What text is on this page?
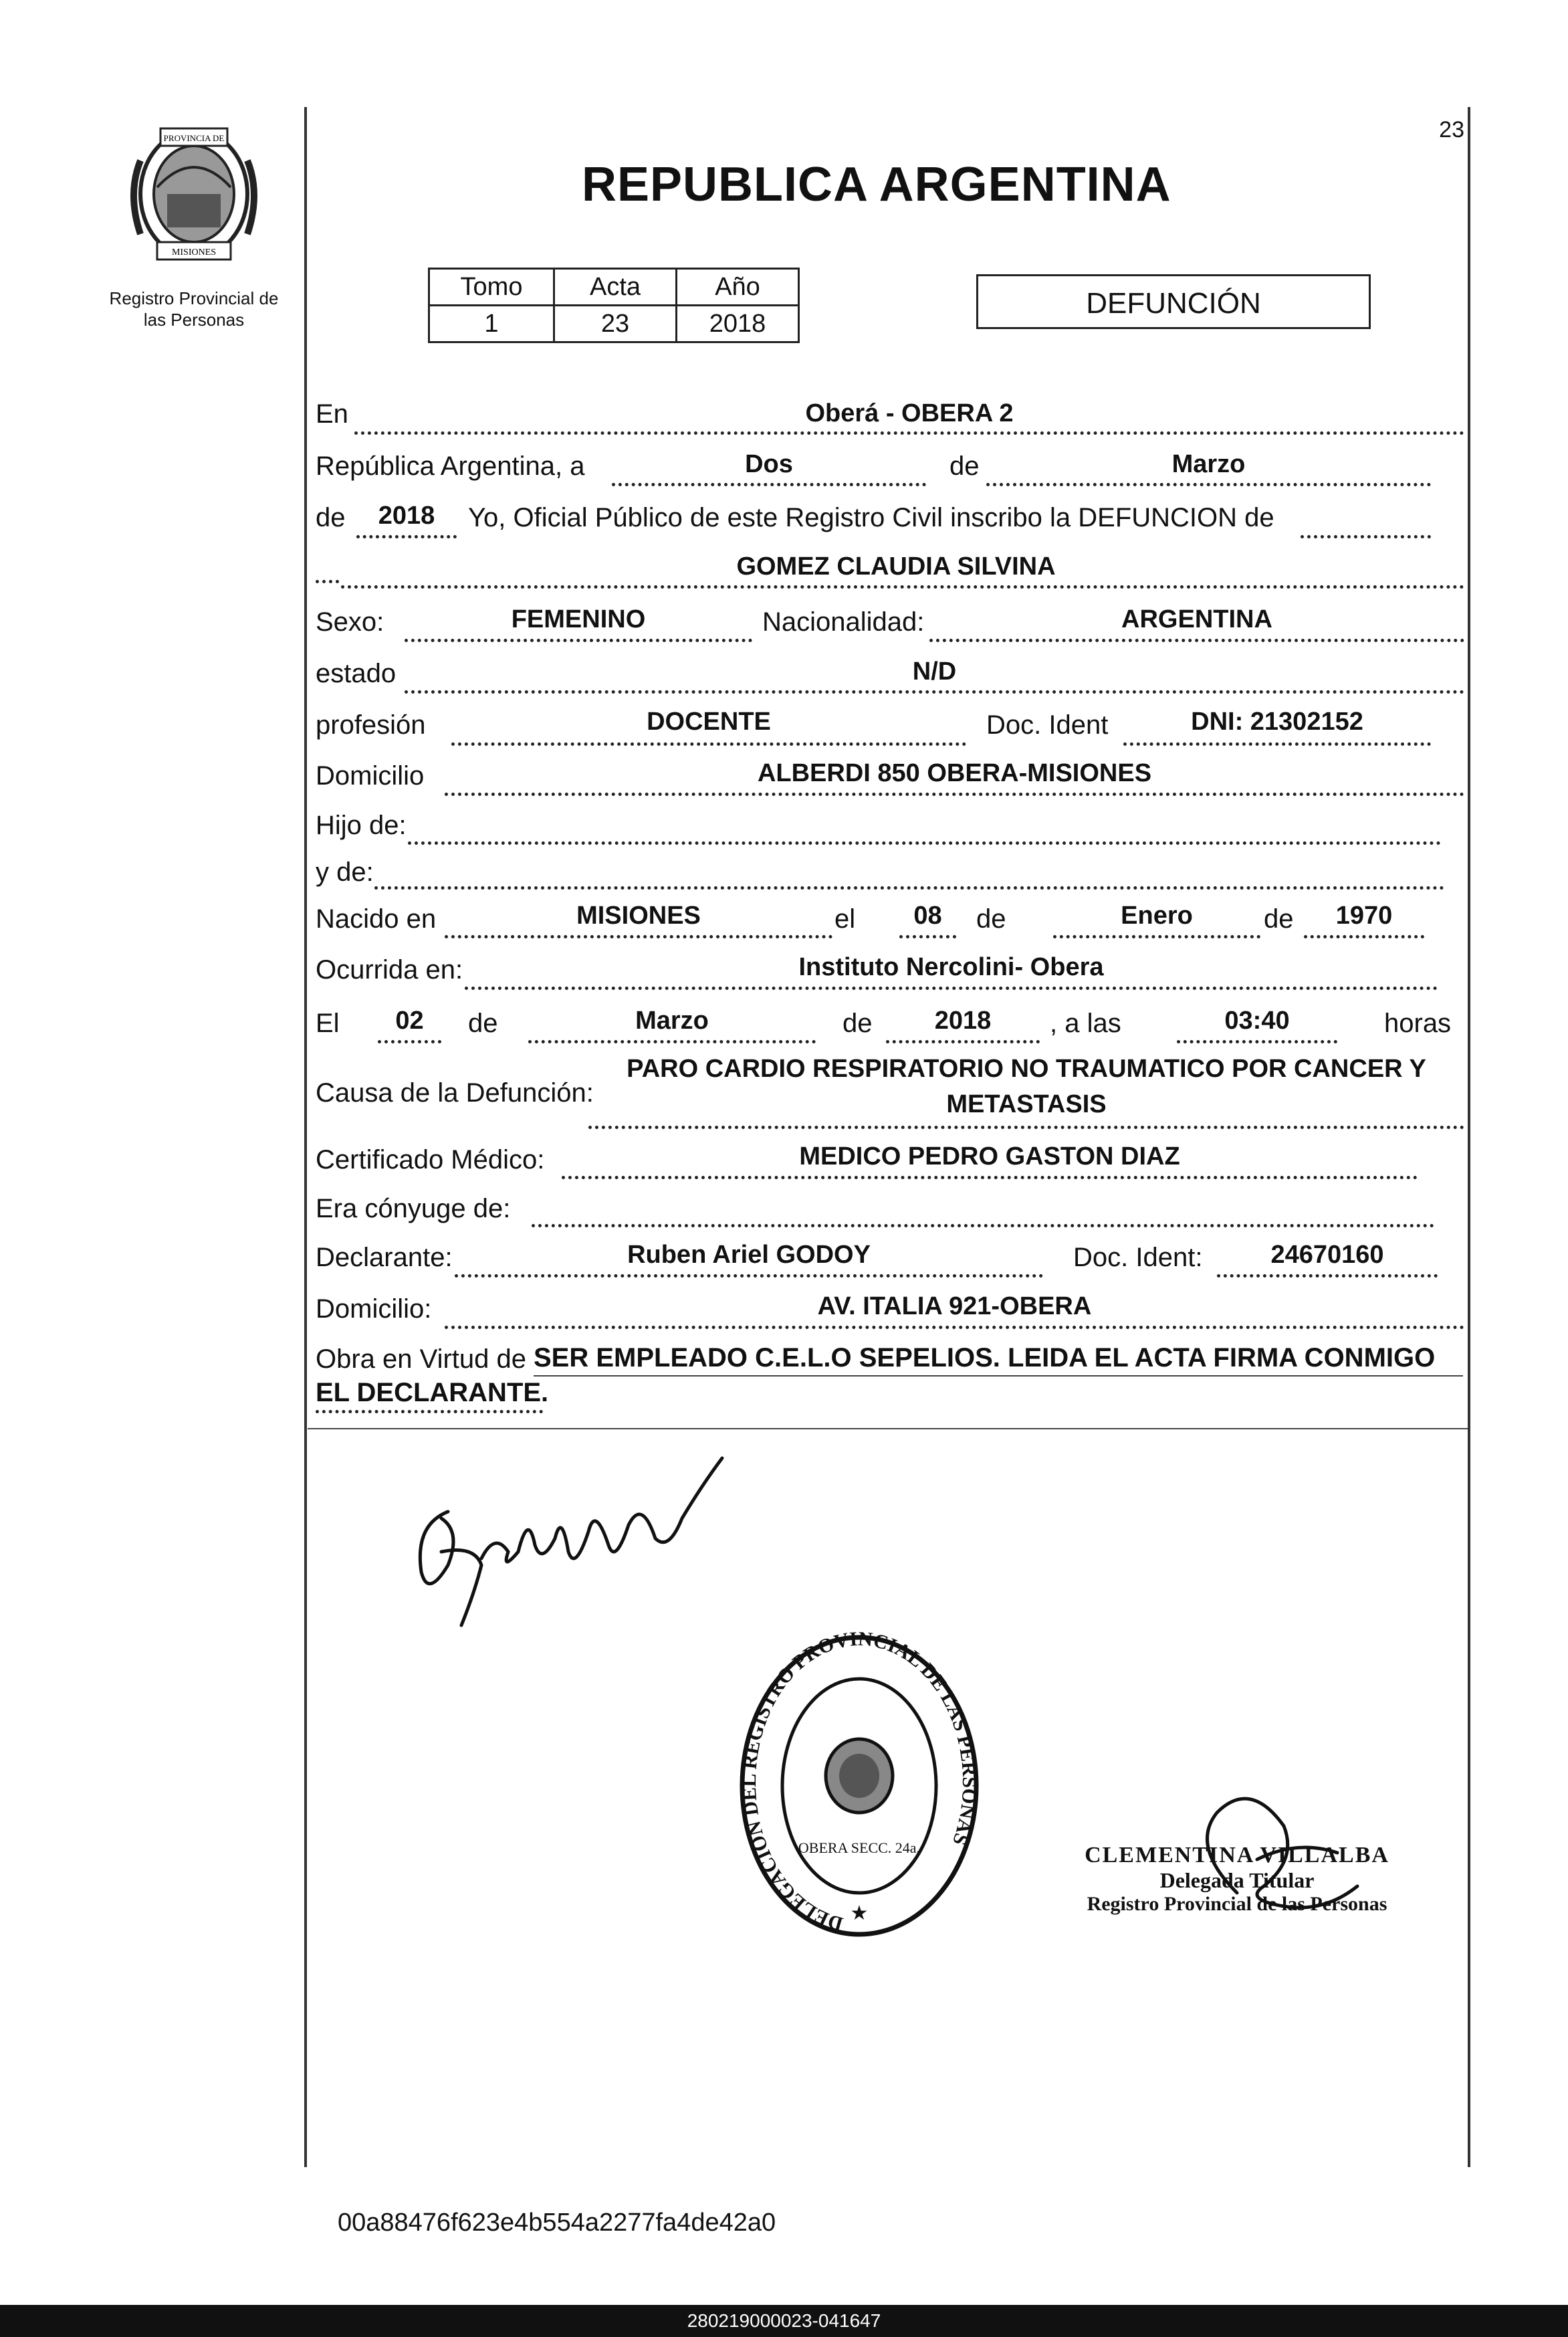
PROVINCIA DE
MISIONES
Registro Provincial de
las Personas
23
REPUBLICA ARGENTINA
Tomo	Acta	Año
1	23	2018
DEFUNCIÓN
En	Oberá - OBERA 2
República Argentina, a	Dos	de	Marzo
de	2018	Yo, Oficial Público de este Registro Civil inscribo la DEFUNCION de
GOMEZ CLAUDIA SILVINA
Sexo:	FEMENINO	Nacionalidad:	ARGENTINA
estado	N/D
profesión	DOCENTE	Doc. Ident	DNI: 21302152
Domicilio	ALBERDI 850 OBERA-MISIONES
Hijo de:
y de:
Nacido en	MISIONES	el	08	de	Enero	de	1970
Ocurrida en:	Instituto Nercolini- Obera
El	02	de	Marzo	de	2018	, a las	03:40	horas
Causa de la Defunción:
PARO CARDIO RESPIRATORIO NO TRAUMATICO POR CANCER Y
METASTASIS
Certificado Médico:	MEDICO PEDRO GASTON DIAZ
Era cónyuge de:
Declarante:	Ruben Ariel GODOY	Doc. Ident:	24670160
Domicilio:	AV. ITALIA 921-OBERA
Obra en Virtud de SER EMPLEADO C.E.L.O SEPELIOS. LEIDA EL ACTA FIRMA CONMIGO
EL DECLARANTE.
DELEGACION DEL REGISTRO PROVINCIAL DE LAS PERSONAS
OBERA SECC. 24a.
★
CLEMENTINA VILLALBA
Delegada Titular
Registro Provincial de las Personas
00a88476f623e4b554a2277fa4de42a0
280219000023-041647
